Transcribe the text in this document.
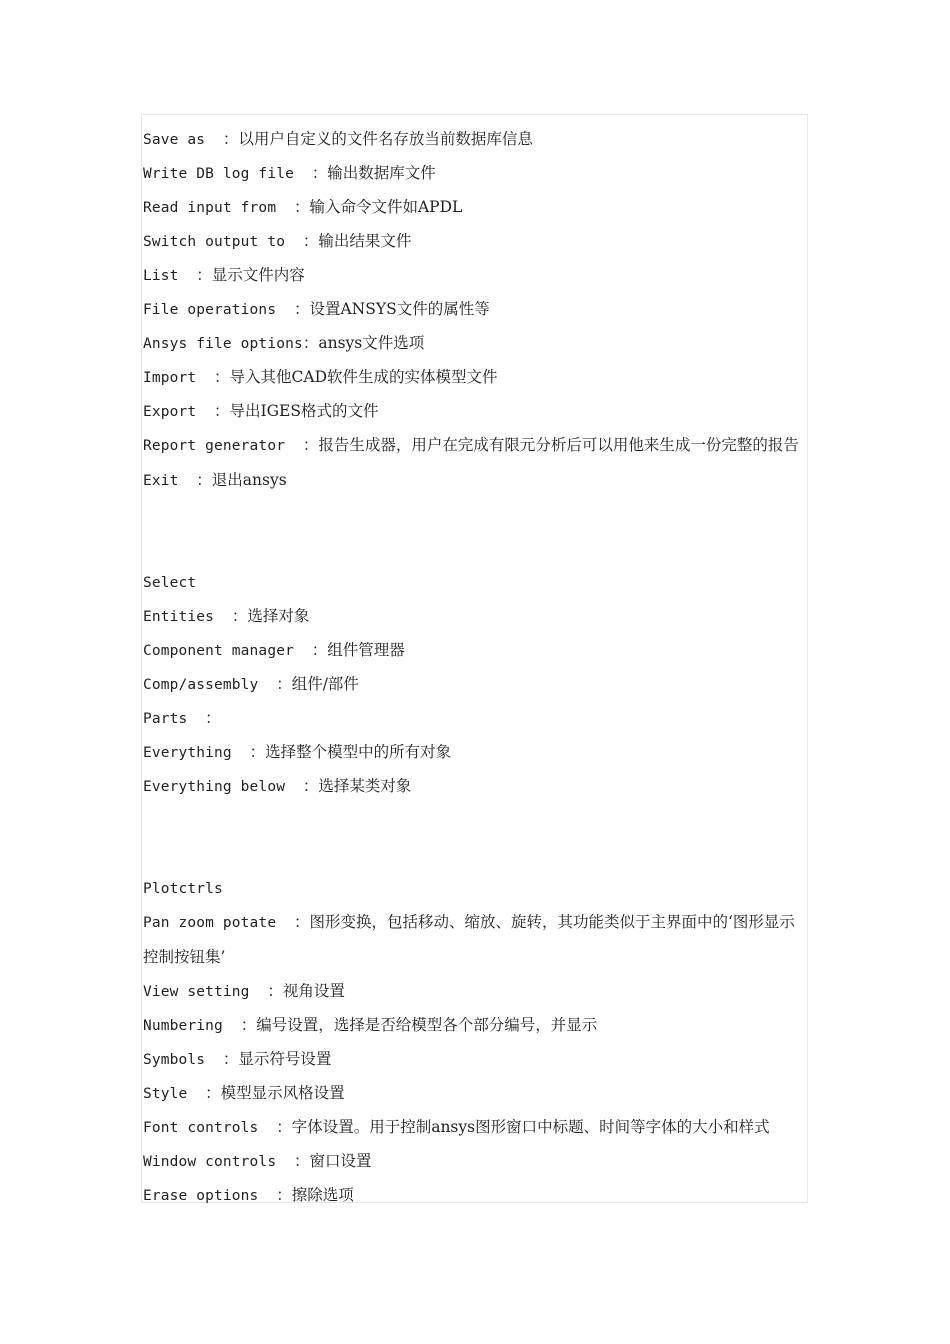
Save as  ：以用户自定义的文件名存放当前数据库信息
Write DB log file  ：输出数据库文件
Read input from  ：输入命令文件如APDL
Switch output to  ：输出结果文件
List  ：显示文件内容
File operations  ：设置ANSYS文件的属性等
Ansys file options：ansys文件选项
Import  ：导入其他CAD软件生成的实体模型文件
Export  ：导出IGES格式的文件
Report generator  ：报告生成器，用户在完成有限元分析后可以用他来生成一份完整的报告
Exit  ：退出ansys
Select
Entities  ：选择对象
Component manager  ：组件管理器
Comp/assembly  ：组件/部件
Parts  ：
Everything  ：选择整个模型中的所有对象
Everything below  ：选择某类对象
Plotctrls
Pan zoom potate  ：图形变换，包括移动、缩放、旋转，其功能类似于主界面中的‘图形显示控制按钮集’
View setting  ：视角设置
Numbering  ：编号设置，选择是否给模型各个部分编号，并显示
Symbols  ：显示符号设置
Style  ：模型显示风格设置
Font controls  ：字体设置。用于控制ansys图形窗口中标题、时间等字体的大小和样式
Window controls  ：窗口设置
Erase options  ：擦除选项
